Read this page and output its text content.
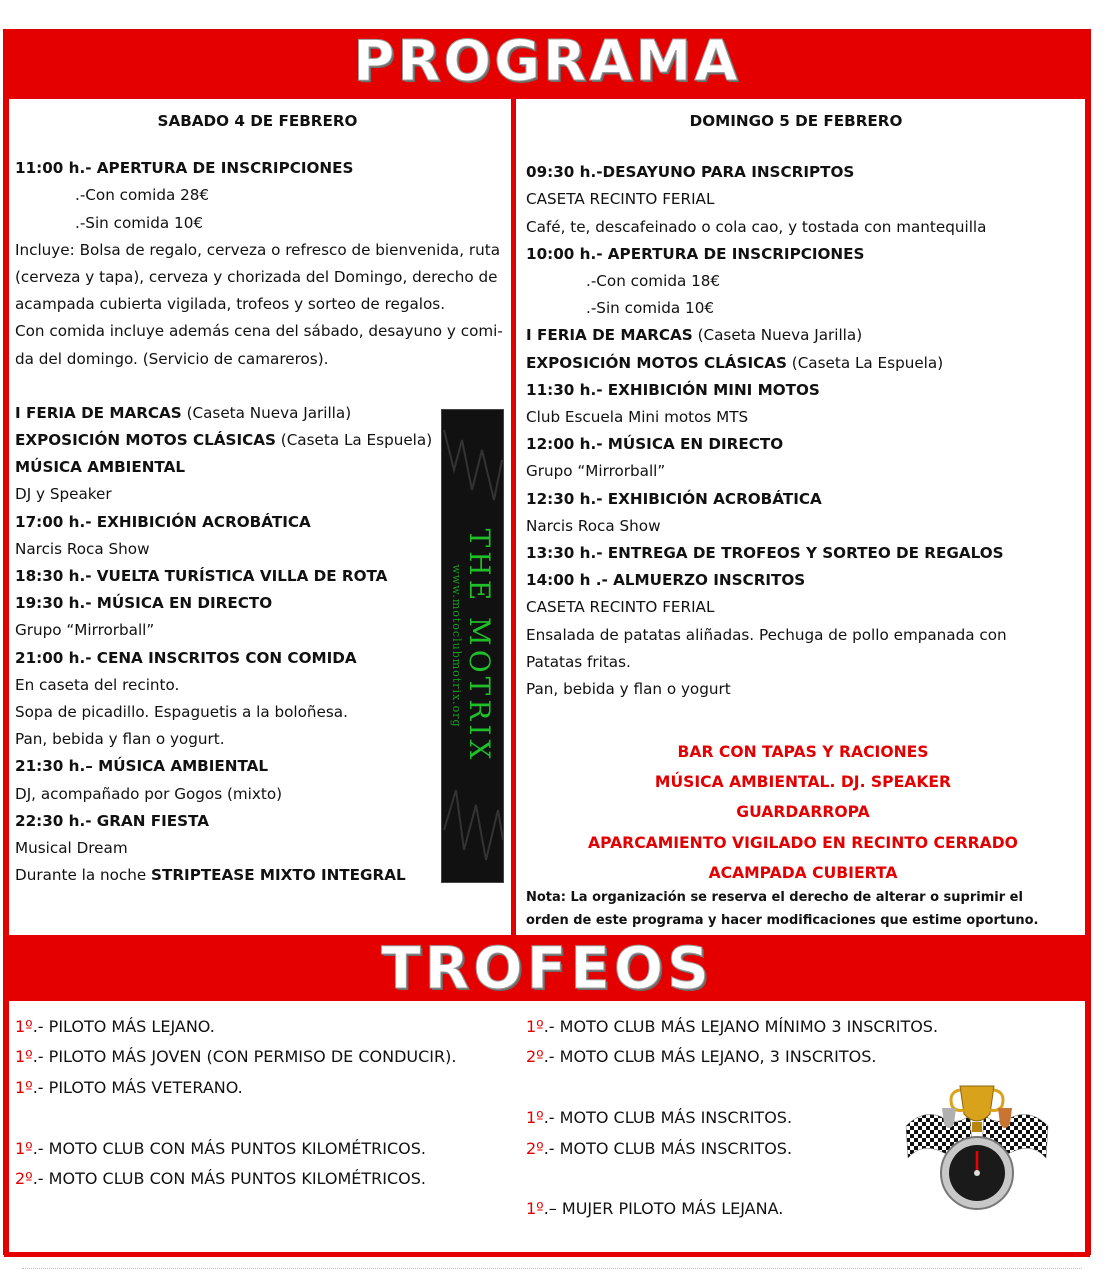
PROGRAMA
SABADO 4 DE FEBRERO
11:00 h.- APERTURA DE INSCRIPCIONES
.-Con comida 28€
.-Sin comida 10€
Incluye: Bolsa de regalo, cerveza o refresco de bienvenida, ruta
(cerveza y tapa), cerveza y chorizada del Domingo, derecho de
acampada cubierta vigilada, trofeos y sorteo de regalos.
Con comida incluye además cena del sábado, desayuno y comi-
da del domingo. (Servicio de camareros).
I FERIA DE MARCAS (Caseta Nueva Jarilla)
EXPOSICIÓN MOTOS CLÁSICAS (Caseta La Espuela)
MÚSICA AMBIENTAL
DJ y Speaker
17:00 h.- EXHIBICIÓN ACROBÁTICA
Narcis Roca Show
18:30 h.- VUELTA TURÍSTICA VILLA DE ROTA
19:30 h.- MÚSICA EN DIRECTO
Grupo “Mirrorball”
21:00 h.- CENA INSCRITOS CON COMIDA
En caseta del recinto.
Sopa de picadillo. Espaguetis a la boloñesa.
Pan, bebida y flan o yogurt.
21:30 h.– MÚSICA AMBIENTAL
DJ, acompañado por Gogos (mixto)
22:30 h.- GRAN FIESTA
Musical Dream
Durante la noche STRIPTEASE MIXTO INTEGRAL
THE MOTRIX
www.motoclubmotrix.org
DOMINGO 5 DE FEBRERO
09:30 h.-DESAYUNO PARA INSCRIPTOS
CASETA RECINTO FERIAL
Café, te, descafeinado o cola cao, y tostada con mantequilla
10:00 h.- APERTURA DE INSCRIPCIONES
.-Con comida 18€
.-Sin comida 10€
I FERIA DE MARCAS (Caseta Nueva Jarilla)
EXPOSICIÓN MOTOS CLÁSICAS (Caseta La Espuela)
11:30 h.- EXHIBICIÓN MINI MOTOS
Club Escuela Mini motos MTS
12:00 h.- MÚSICA EN DIRECTO
Grupo “Mirrorball”
12:30 h.- EXHIBICIÓN ACROBÁTICA
Narcis Roca Show
13:30 h.- ENTREGA DE TROFEOS Y SORTEO DE REGALOS
14:00 h .- ALMUERZO INSCRITOS
CASETA RECINTO FERIAL
Ensalada de patatas aliñadas. Pechuga de pollo empanada con
Patatas fritas.
Pan, bebida y flan o yogurt
BAR CON TAPAS Y RACIONES
MÚSICA AMBIENTAL. DJ. SPEAKER
GUARDARROPA
APARCAMIENTO VIGILADO EN RECINTO CERRADO
ACAMPADA CUBIERTA
Nota: La organización se reserva el derecho de alterar o suprimir el orden de este programa y hacer modificaciones que estime oportuno.
TROFEOS
1º.- PILOTO MÁS LEJANO.
1º.- PILOTO MÁS JOVEN (CON PERMISO DE CONDUCIR).
1º.- PILOTO MÁS VETERANO.

1º.- MOTO CLUB CON MÁS PUNTOS KILOMÉTRICOS.
2º.- MOTO CLUB CON MÁS PUNTOS KILOMÉTRICOS.
1º.- MOTO CLUB MÁS LEJANO MÍNIMO 3 INSCRITOS.
2º.- MOTO CLUB MÁS LEJANO, 3 INSCRITOS.

1º.- MOTO CLUB MÁS INSCRITOS.
2º.- MOTO CLUB MÁS INSCRITOS.

1º.– MUJER PILOTO MÁS LEJANA.
